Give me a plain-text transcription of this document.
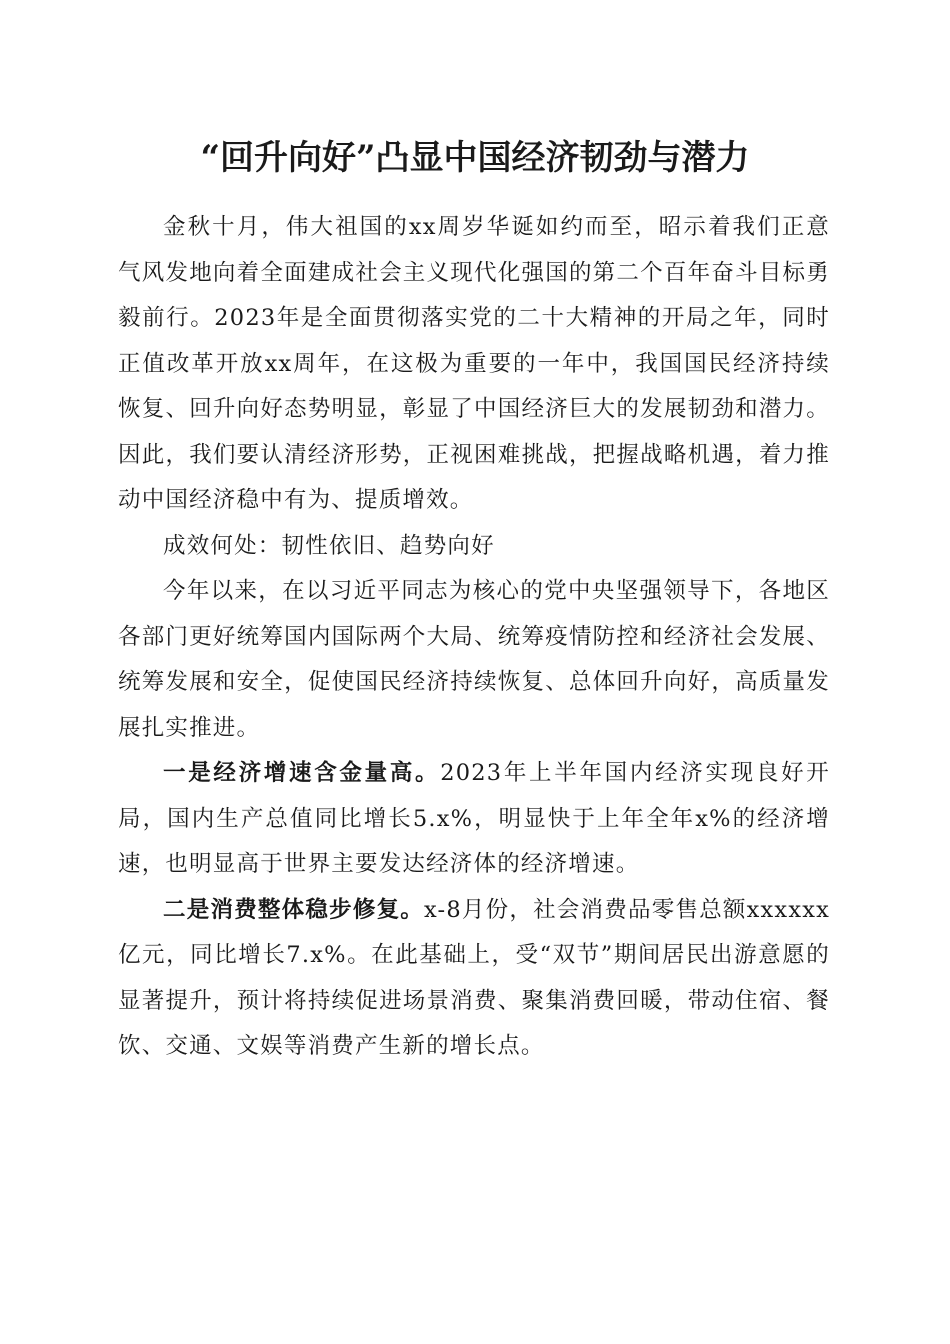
“回升向好”凸显中国经济韧劲与潜力

金秋十月，伟大祖国的xx周岁华诞如约而至，昭示着我们正意气风发地向着全面建成社会主义现代化强国的第二个百年奋斗目标勇毅前行。2023年是全面贯彻落实党的二十大精神的开局之年，同时正值改革开放xx周年，在这极为重要的一年中，我国国民经济持续恢复、回升向好态势明显，彰显了中国经济巨大的发展韧劲和潜力。因此，我们要认清经济形势，正视困难挑战，把握战略机遇，着力推动中国经济稳中有为、提质增效。

成效何处：韧性依旧、趋势向好

今年以来，在以习近平同志为核心的党中央坚强领导下，各地区各部门更好统筹国内国际两个大局、统筹疫情防控和经济社会发展、统筹发展和安全，促使国民经济持续恢复、总体回升向好，高质量发展扎实推进。

一是经济增速含金量高。2023年上半年国内经济实现良好开局，国内生产总值同比增长5.x%，明显快于上年全年x%的经济增速，也明显高于世界主要发达经济体的经济增速。

二是消费整体稳步修复。x-8月份，社会消费品零售总额xxxxxx亿元，同比增长7.x%。在此基础上，受“双节”期间居民出游意愿的显著提升，预计将持续促进场景消费、聚集消费回暖，带动住宿、餐饮、交通、文娱等消费产生新的增长点。
